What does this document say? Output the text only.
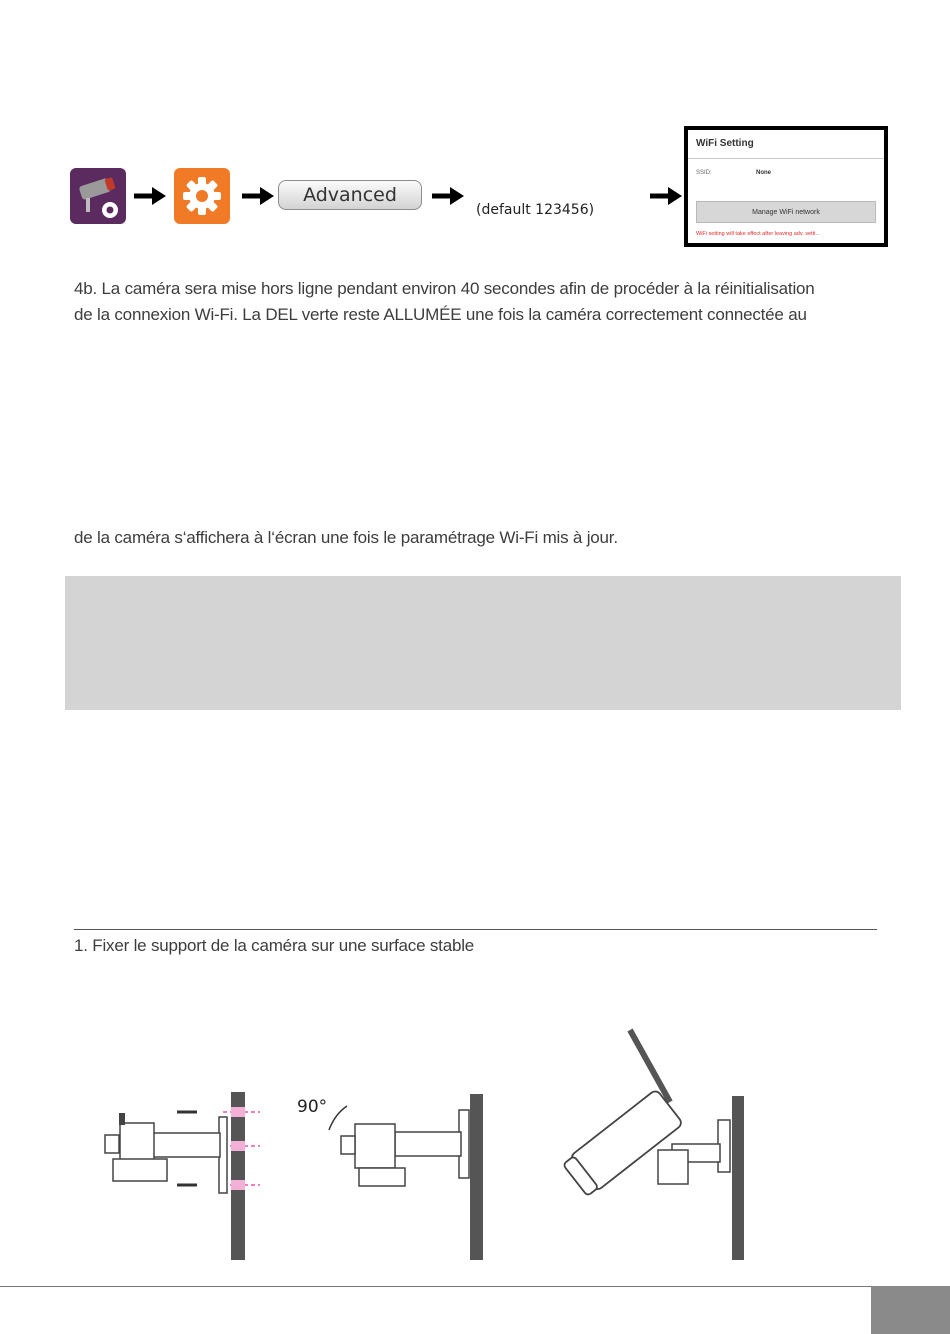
Advanced
(default 123456)
WiFi Setting
SSID:	None
Manage WiFi network
WiFi setting will take effect after leaving adv. setti...
4b. La caméra sera mise hors ligne pendant environ 40 secondes afin de procéder à la réinitialisation
de la connexion Wi-Fi. La DEL verte reste ALLUMÉE une fois la caméra correctement connectée au
de la caméra s‘affichera à l‘écran une fois le paramétrage Wi-Fi mis à jour.
1. Fixer le support de la caméra sur une surface stable
90°
